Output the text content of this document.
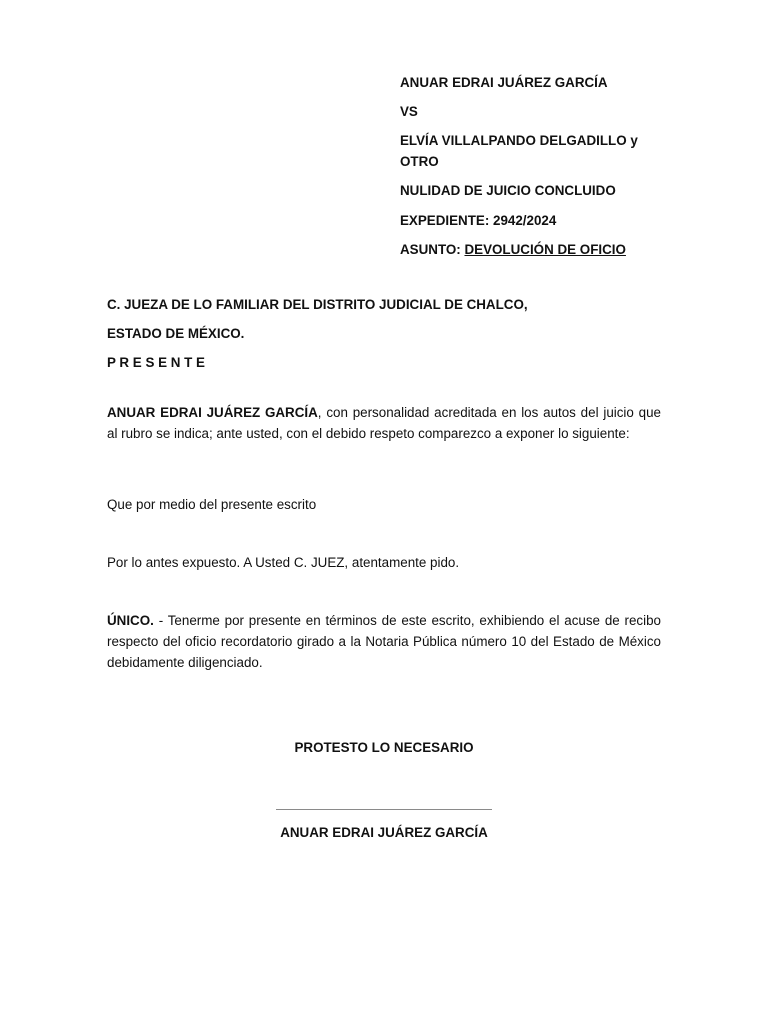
ANUAR EDRAI JUÁREZ GARCÍA
VS
ELVÍA VILLALPANDO DELGADILLO y
OTRO
NULIDAD DE JUICIO CONCLUIDO
EXPEDIENTE: 2942/2024
ASUNTO: DEVOLUCIÓN DE OFICIO
C. JUEZA DE LO FAMILIAR DEL DISTRITO JUDICIAL DE CHALCO,
ESTADO DE MÉXICO.
P R E S E N T E
ANUAR EDRAI JUÁREZ GARCÍA, con personalidad acreditada en los autos del juicio que al rubro se indica; ante usted, con el debido respeto comparezco a exponer lo siguiente:
Que por medio del presente escrito
Por lo antes expuesto. A Usted C. JUEZ, atentamente pido.
ÚNICO. - Tenerme por presente en términos de este escrito, exhibiendo el acuse de recibo respecto del oficio recordatorio girado a la Notaria Pública número 10 del Estado de México debidamente diligenciado.
PROTESTO LO NECESARIO
ANUAR EDRAI JUÁREZ GARCÍA
